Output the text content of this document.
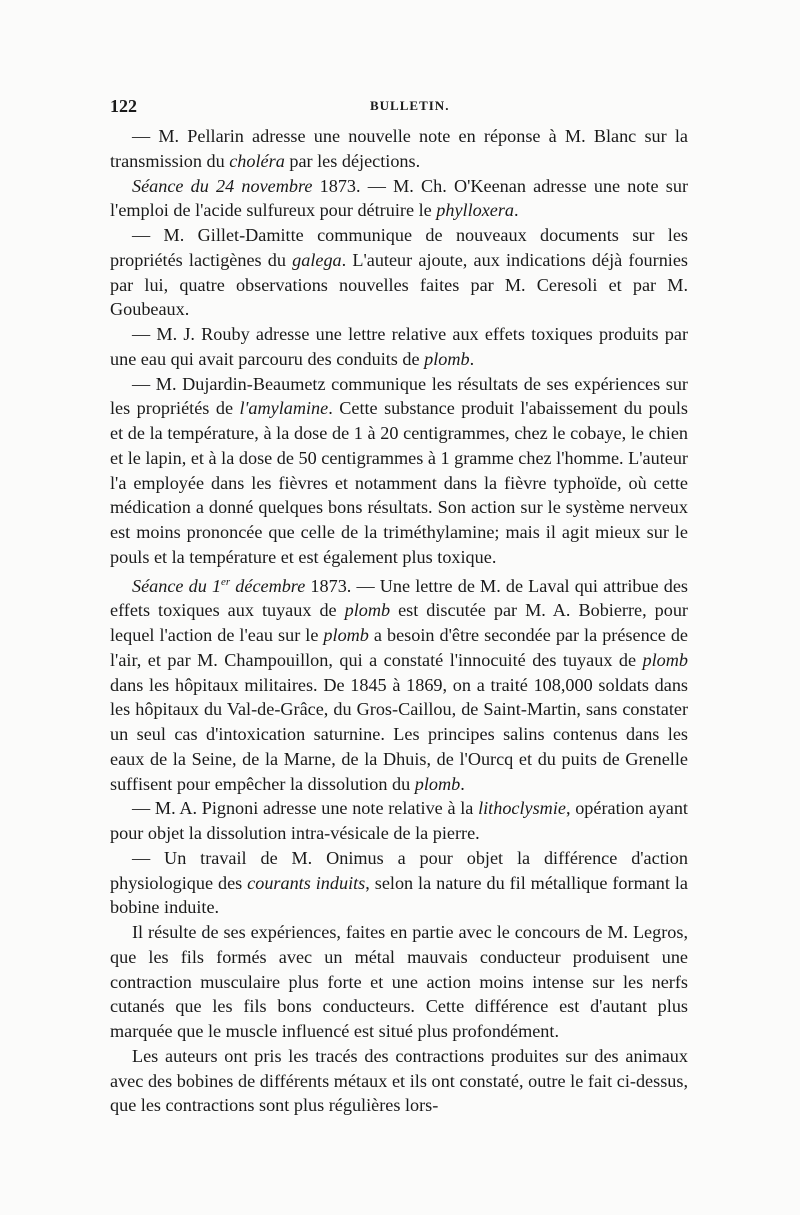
122	BULLETIN.

— M. Pellarin adresse une nouvelle note en réponse à M. Blanc sur la transmission du choléra par les déjections.

Séance du 24 novembre 1873. — M. Ch. O'Keenan adresse une note sur l'emploi de l'acide sulfureux pour détruire le phylloxera.

— M. Gillet-Damitte communique de nouveaux documents sur les propriétés lactigènes du galega. L'auteur ajoute, aux indications déjà fournies par lui, quatre observations nouvelles faites par M. Ceresoli et par M. Goubeaux.

— M. J. Rouby adresse une lettre relative aux effets toxiques produits par une eau qui avait parcouru des conduits de plomb.

— M. Dujardin-Beaumetz communique les résultats de ses expériences sur les propriétés de l'amylamine. Cette substance produit l'abaissement du pouls et de la température, à la dose de 1 à 20 centigrammes, chez le cobaye, le chien et le lapin, et à la dose de 50 centigrammes à 1 gramme chez l'homme. L'auteur l'a employée dans les fièvres et notamment dans la fièvre typhoïde, où cette médication a donné quelques bons résultats. Son action sur le système nerveux est moins prononcée que celle de la triméthylamine; mais il agit mieux sur le pouls et la température et est également plus toxique.

Séance du 1er décembre 1873. — Une lettre de M. de Laval qui attribue des effets toxiques aux tuyaux de plomb est discutée par M. A. Bobierre, pour lequel l'action de l'eau sur le plomb a besoin d'être secondée par la présence de l'air, et par M. Champouillon, qui a constaté l'innocuité des tuyaux de plomb dans les hôpitaux militaires. De 1845 à 1869, on a traité 108,000 soldats dans les hôpitaux du Val-de-Grâce, du Gros-Caillou, de Saint-Martin, sans constater un seul cas d'intoxication saturnine. Les principes salins contenus dans les eaux de la Seine, de la Marne, de la Dhuis, de l'Ourcq et du puits de Grenelle suffisent pour empêcher la dissolution du plomb.

— M. A. Pignoni adresse une note relative à la lithoclysmie, opération ayant pour objet la dissolution intra-vésicale de la pierre.

— Un travail de M. Onimus a pour objet la différence d'action physiologique des courants induits, selon la nature du fil métallique formant la bobine induite.

Il résulte de ses expériences, faites en partie avec le concours de M. Legros, que les fils formés avec un métal mauvais conducteur produisent une contraction musculaire plus forte et une action moins intense sur les nerfs cutanés que les fils bons conducteurs. Cette différence est d'autant plus marquée que le muscle influencé est situé plus profondément.

Les auteurs ont pris les tracés des contractions produites sur des animaux avec des bobines de différents métaux et ils ont constaté, outre le fait ci-dessus, que les contractions sont plus régulières lors-
